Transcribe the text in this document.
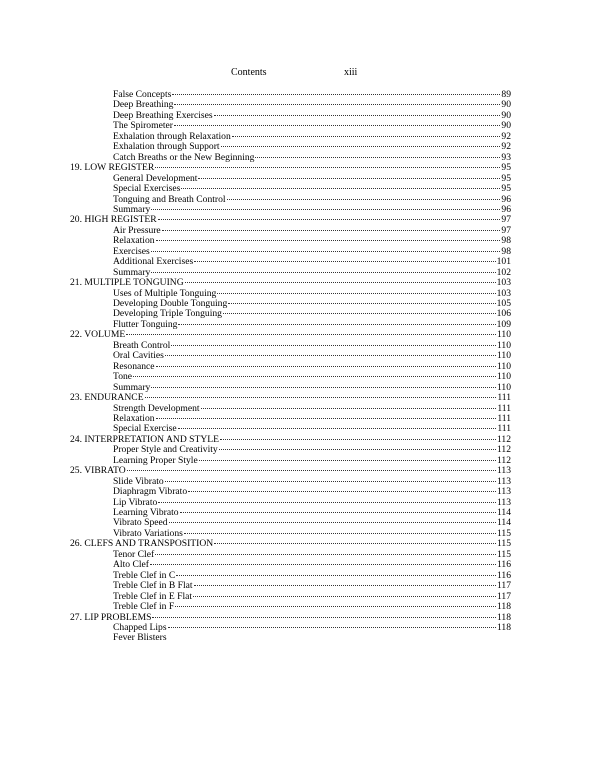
Contents	xiii
False Concepts	89
Deep Breathing	90
Deep Breathing Exercises	90
The Spirometer	90
Exhalation through Relaxation	92
Exhalation through Support	92
Catch Breaths or the New Beginning	93
19. LOW REGISTER	95
General Development	95
Special Exercises	95
Tonguing and Breath Control	96
Summary	96
20. HIGH REGISTER	97
Air Pressure	97
Relaxation	98
Exercises	98
Additional Exercises	101
Summary	102
21. MULTIPLE TONGUING	103
Uses of Multiple Tonguing	103
Developing Double Tonguing	105
Developing Triple Tonguing	106
Flutter Tonguing	109
22. VOLUME	110
Breath Control	110
Oral Cavities	110
Resonance	110
Tone	110
Summary	110
23. ENDURANCE	111
Strength Development	111
Relaxation	111
Special Exercise	111
24. INTERPRETATION AND STYLE	112
Proper Style and Creativity	112
Learning Proper Style	112
25. VIBRATO	113
Slide Vibrato	113
Diaphragm Vibrato	113
Lip Vibrato	113
Learning Vibrato	114
Vibrato Speed	114
Vibrato Variations	115
26. CLEFS AND TRANSPOSITION	115
Tenor Clef	115
Alto Clef	116
Treble Clef in C	116
Treble Clef in B Flat	117
Treble Clef in E Flat	117
Treble Clef in F	118
27. LIP PROBLEMS	118
Chapped Lips	118
Fever Blisters
